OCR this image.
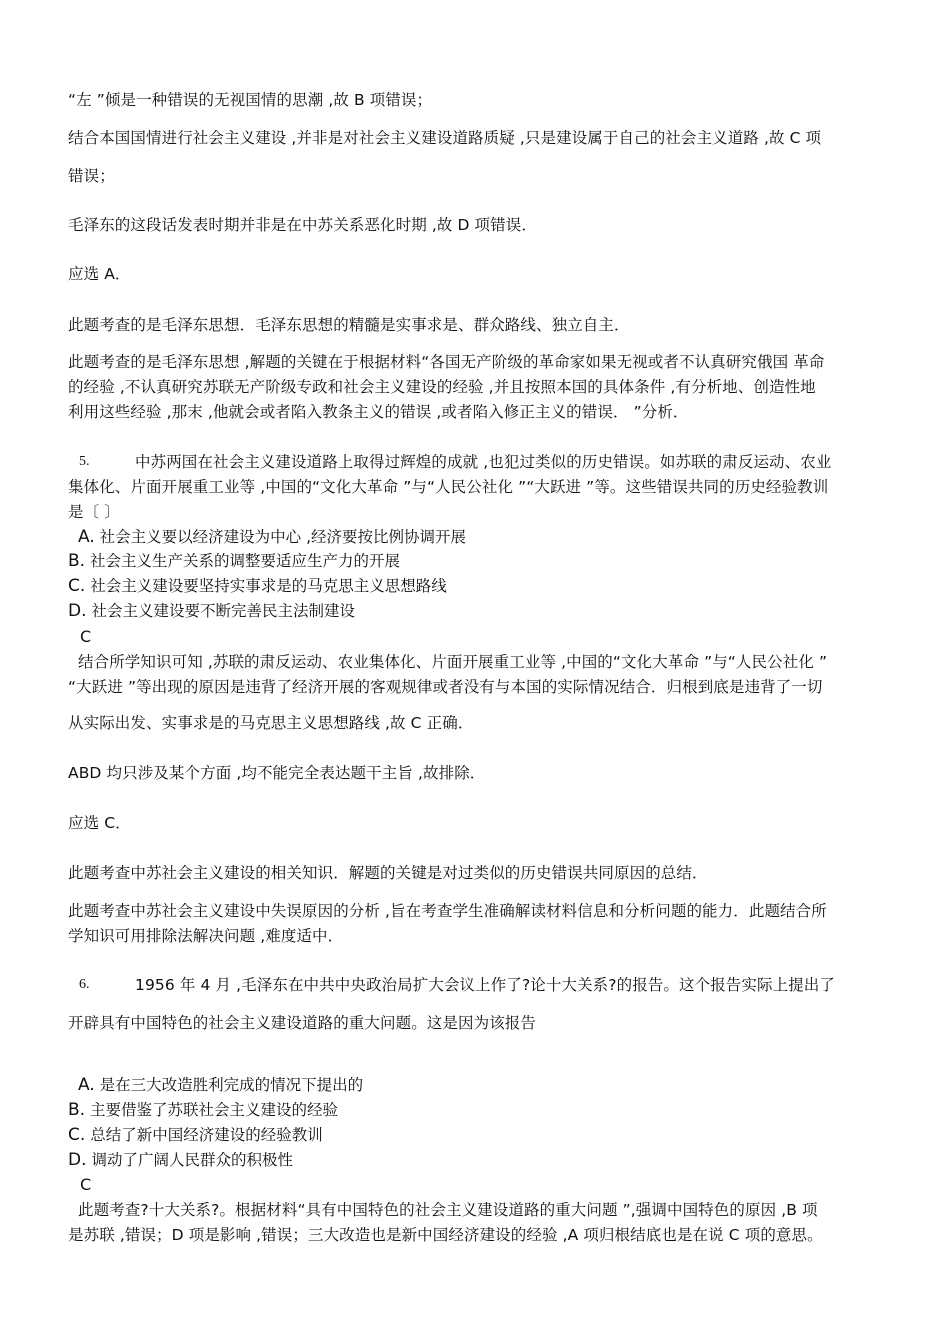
“左 ”倾是一种错误的无视国情的思潮 ,故 B 项错误；
结合本国国情进行社会主义建设 ,并非是对社会主义建设道路质疑 ,只是建设属于自己的社会主义道路 ,故 C 项
错误；
毛泽东的这段话发表时期并非是在中苏关系恶化时期 ,故 D 项错误．
应选 A．
此题考查的是毛泽东思想．毛泽东思想的精髓是实事求是、群众路线、独立自主．
此题考查的是毛泽东思想 ,解题的关键在于根据材料“各国无产阶级的革命家如果无视或者不认真研究俄国 革命
的经验 ,不认真研究苏联无产阶级专政和社会主义建设的经验 ,并且按照本国的具体条件 ,有分析地、创造性地
利用这些经验 ,那末 ,他就会或者陷入教条主义的错误 ,或者陷入修正主义的错误． ”分析．
5.	中苏两国在社会主义建设道路上取得过辉煌的成就 ,也犯过类似的历史错误。如苏联的肃反运动、农业
集体化、片面开展重工业等 ,中国的“文化大革命 ”与“人民公社化 ”“大跃进 ”等。这些错误共同的历史经验教训
是〔 〕
A. 社会主义要以经济建设为中心 ,经济要按比例协调开展
B. 社会主义生产关系的调整要适应生产力的开展
C. 社会主义建设要坚持实事求是的马克思主义思想路线
D. 社会主义建设要不断完善民主法制建设
C
结合所学知识可知 ,苏联的肃反运动、农业集体化、片面开展重工业等 ,中国的“文化大革命 ”与“人民公社化 ”
“大跃进 ”等出现的原因是违背了经济开展的客观规律或者没有与本国的实际情况结合．归根到底是违背了一切
从实际出发、实事求是的马克思主义思想路线 ,故 C 正确．
ABD 均只涉及某个方面 ,均不能完全表达题干主旨 ,故排除．
应选 C．
此题考查中苏社会主义建设的相关知识．解题的关键是对过类似的历史错误共同原因的总结．
此题考查中苏社会主义建设中失误原因的分析 ,旨在考查学生准确解读材料信息和分析问题的能力．此题结合所
学知识可用排除法解决问题 ,难度适中．
6.	1956 年 4 月 ,毛泽东在中共中央政治局扩大会议上作了?论十大关系?的报告。这个报告实际上提出了
开辟具有中国特色的社会主义建设道路的重大问题。这是因为该报告
A. 是在三大改造胜利完成的情况下提出的
B. 主要借鉴了苏联社会主义建设的经验
C. 总结了新中国经济建设的经验教训
D. 调动了广阔人民群众的积极性
C
此题考查?十大关系?。根据材料“具有中国特色的社会主义建设道路的重大问题 ”,强调中国特色的原因 ,B 项
是苏联 ,错误；D 项是影响 ,错误；三大改造也是新中国经济建设的经验 ,A 项归根结底也是在说 C 项的意思。
